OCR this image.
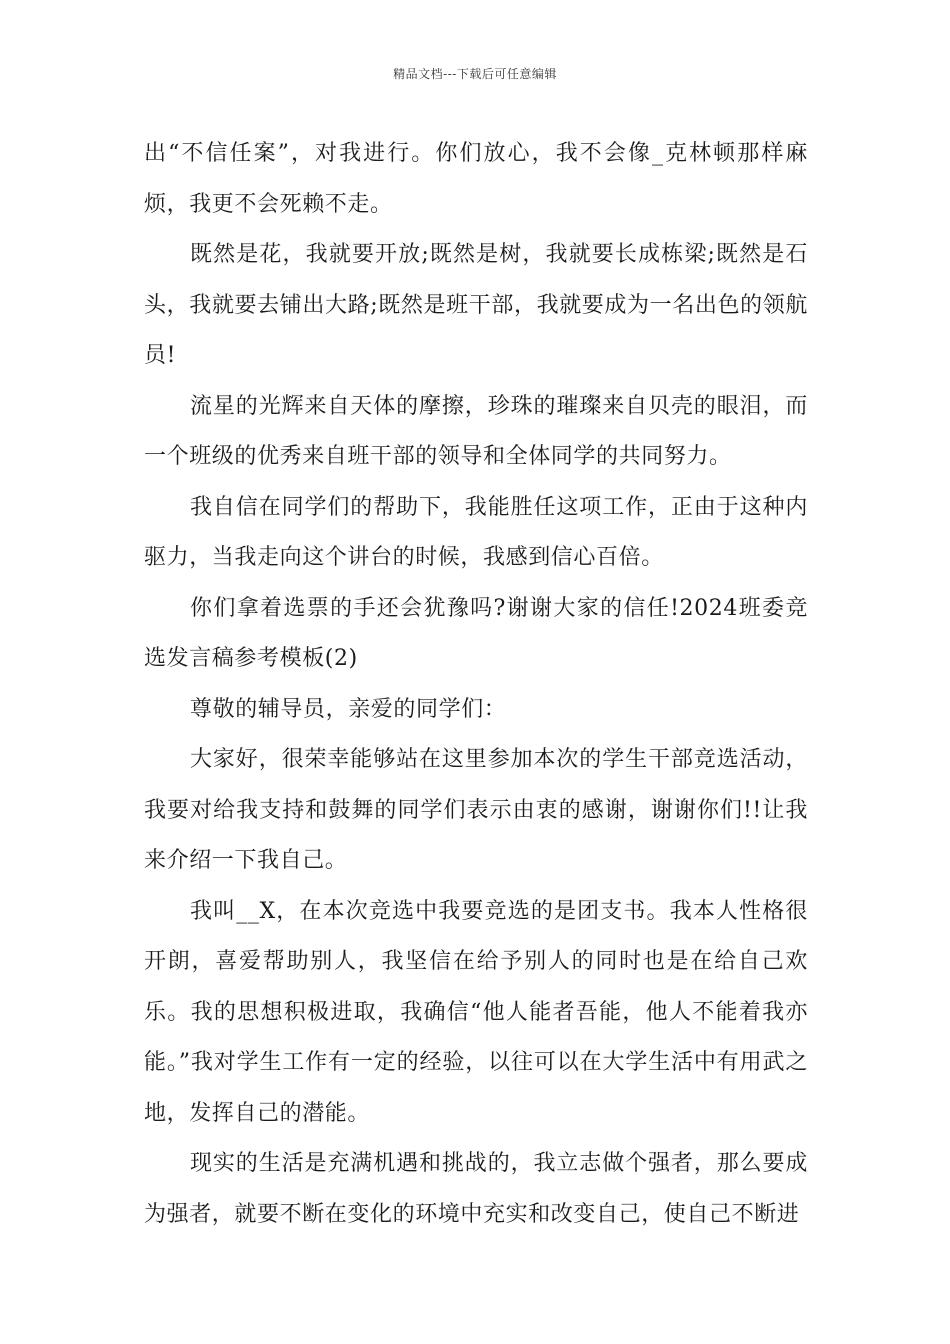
精品文档---下载后可任意编辑

出“不信任案”，对我进行。你们放心，我不会像_克林顿那样麻烦，我更不会死赖不走。

既然是花，我就要开放;既然是树，我就要长成栋梁;既然是石头，我就要去铺出大路;既然是班干部，我就要成为一名出色的领航员!

流星的光辉来自天体的摩擦，珍珠的璀璨来自贝壳的眼泪，而一个班级的优秀来自班干部的领导和全体同学的共同努力。

我自信在同学们的帮助下，我能胜任这项工作，正由于这种内驱力，当我走向这个讲台的时候，我感到信心百倍。

你们拿着选票的手还会犹豫吗?谢谢大家的信任!2024班委竞选发言稿参考模板(2)

尊敬的辅导员，亲爱的同学们：

大家好，很荣幸能够站在这里参加本次的学生干部竞选活动，我要对给我支持和鼓舞的同学们表示由衷的感谢，谢谢你们!!让我来介绍一下我自己。

我叫__X，在本次竞选中我要竞选的是团支书。我本人性格很开朗，喜爱帮助别人，我坚信在给予别人的同时也是在给自己欢乐。我的思想积极进取，我确信“他人能者吾能，他人不能着我亦能。”我对学生工作有一定的经验，以往可以在大学生活中有用武之地，发挥自己的潜能。

现实的生活是充满机遇和挑战的，我立志做个强者，那么要成为强者，就要不断在变化的环境中充实和改变自己，使自己不断进
